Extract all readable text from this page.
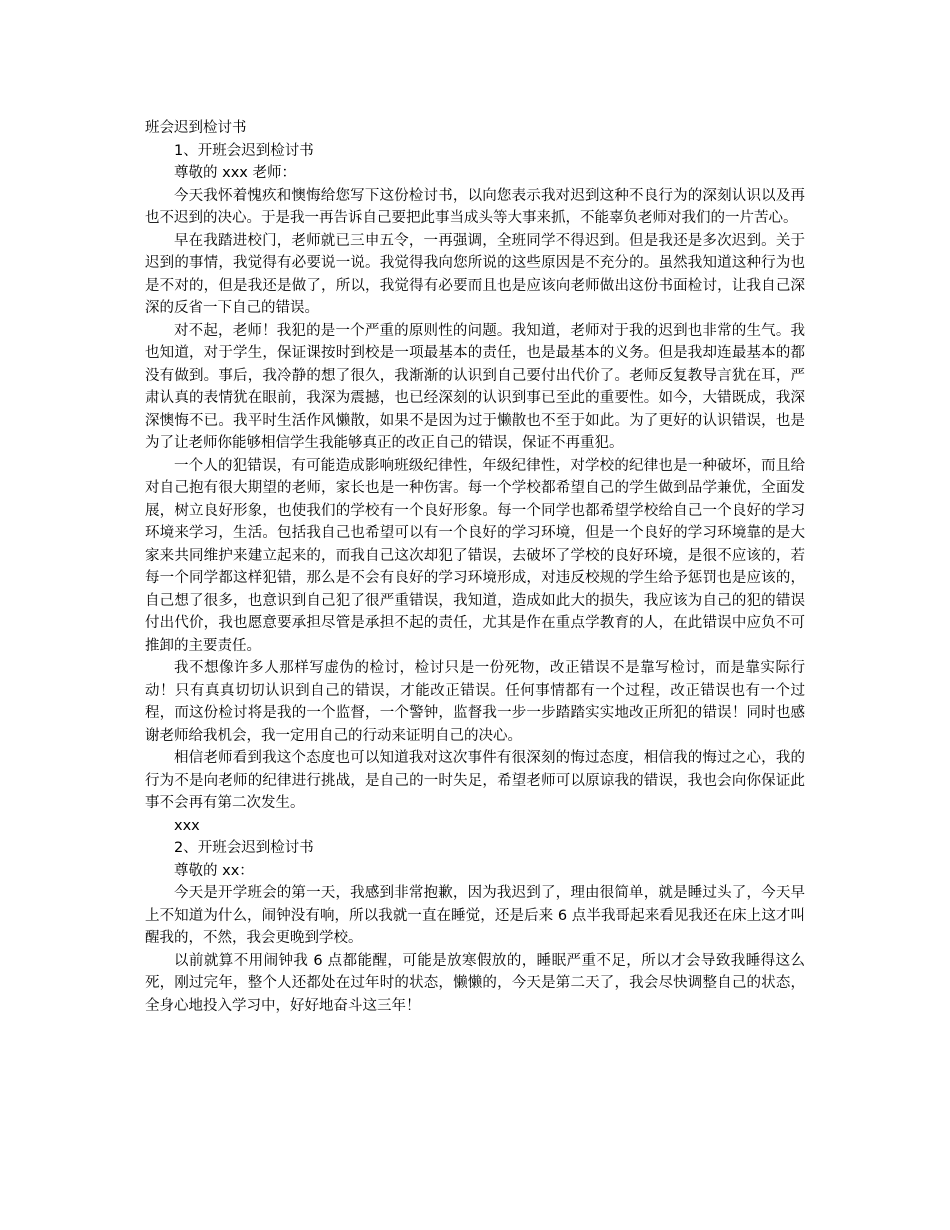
班会迟到检讨书
1、开班会迟到检讨书
尊敬的 xxx 老师：
今天我怀着愧疚和懊悔给您写下这份检讨书，以向您表示我对迟到这种不良行为的深刻认识以及再也不迟到的决心。于是我一再告诉自己要把此事当成头等大事来抓，不能辜负老师对我们的一片苦心。
早在我踏进校门，老师就已三申五令，一再强调，全班同学不得迟到。但是我还是多次迟到。关于迟到的事情，我觉得有必要说一说。我觉得我向您所说的这些原因是不充分的。虽然我知道这种行为也是不对的，但是我还是做了，所以，我觉得有必要而且也是应该向老师做出这份书面检讨，让我自己深深的反省一下自己的错误。
对不起，老师！我犯的是一个严重的原则性的问题。我知道，老师对于我的迟到也非常的生气。我也知道，对于学生，保证课按时到校是一项最基本的责任，也是最基本的义务。但是我却连最基本的都没有做到。事后，我冷静的想了很久，我渐渐的认识到自己要付出代价了。老师反复教导言犹在耳，严肃认真的表情犹在眼前，我深为震撼，也已经深刻的认识到事已至此的重要性。如今，大错既成，我深深懊悔不已。我平时生活作风懒散，如果不是因为过于懒散也不至于如此。为了更好的认识错误，也是为了让老师你能够相信学生我能够真正的改正自己的错误，保证不再重犯。
一个人的犯错误，有可能造成影响班级纪律性，年级纪律性，对学校的纪律也是一种破坏，而且给对自己抱有很大期望的老师，家长也是一种伤害。每一个学校都希望自己的学生做到品学兼优，全面发展，树立良好形象，也使我们的学校有一个良好形象。每一个同学也都希望学校给自己一个良好的学习环境来学习，生活。包括我自己也希望可以有一个良好的学习环境，但是一个良好的学习环境靠的是大家来共同维护来建立起来的，而我自己这次却犯了错误，去破坏了学校的良好环境，是很不应该的，若每一个同学都这样犯错，那么是不会有良好的学习环境形成，对违反校规的学生给予惩罚也是应该的，自己想了很多，也意识到自己犯了很严重错误，我知道，造成如此大的损失，我应该为自己的犯的错误付出代价，我也愿意要承担尽管是承担不起的责任，尤其是作在重点学教育的人，在此错误中应负不可推卸的主要责任。
我不想像许多人那样写虚伪的检讨，检讨只是一份死物，改正错误不是靠写检讨，而是靠实际行动！只有真真切切认识到自己的错误，才能改正错误。任何事情都有一个过程，改正错误也有一个过程，而这份检讨将是我的一个监督，一个警钟，监督我一步一步踏踏实实地改正所犯的错误！同时也感谢老师给我机会，我一定用自己的行动来证明自己的决心。
相信老师看到我这个态度也可以知道我对这次事件有很深刻的悔过态度，相信我的悔过之心，我的行为不是向老师的纪律进行挑战，是自己的一时失足，希望老师可以原谅我的错误，我也会向你保证此事不会再有第二次发生。
xxx
2、开班会迟到检讨书
尊敬的 xx：
今天是开学班会的第一天，我感到非常抱歉，因为我迟到了，理由很简单，就是睡过头了，今天早上不知道为什么，闹钟没有响，所以我就一直在睡觉，还是后来 6 点半我哥起来看见我还在床上这才叫醒我的，不然，我会更晚到学校。
以前就算不用闹钟我 6 点都能醒，可能是放寒假放的，睡眠严重不足，所以才会导致我睡得这么死，刚过完年，整个人还都处在过年时的状态，懒懒的，今天是第二天了，我会尽快调整自己的状态，全身心地投入学习中，好好地奋斗这三年！
